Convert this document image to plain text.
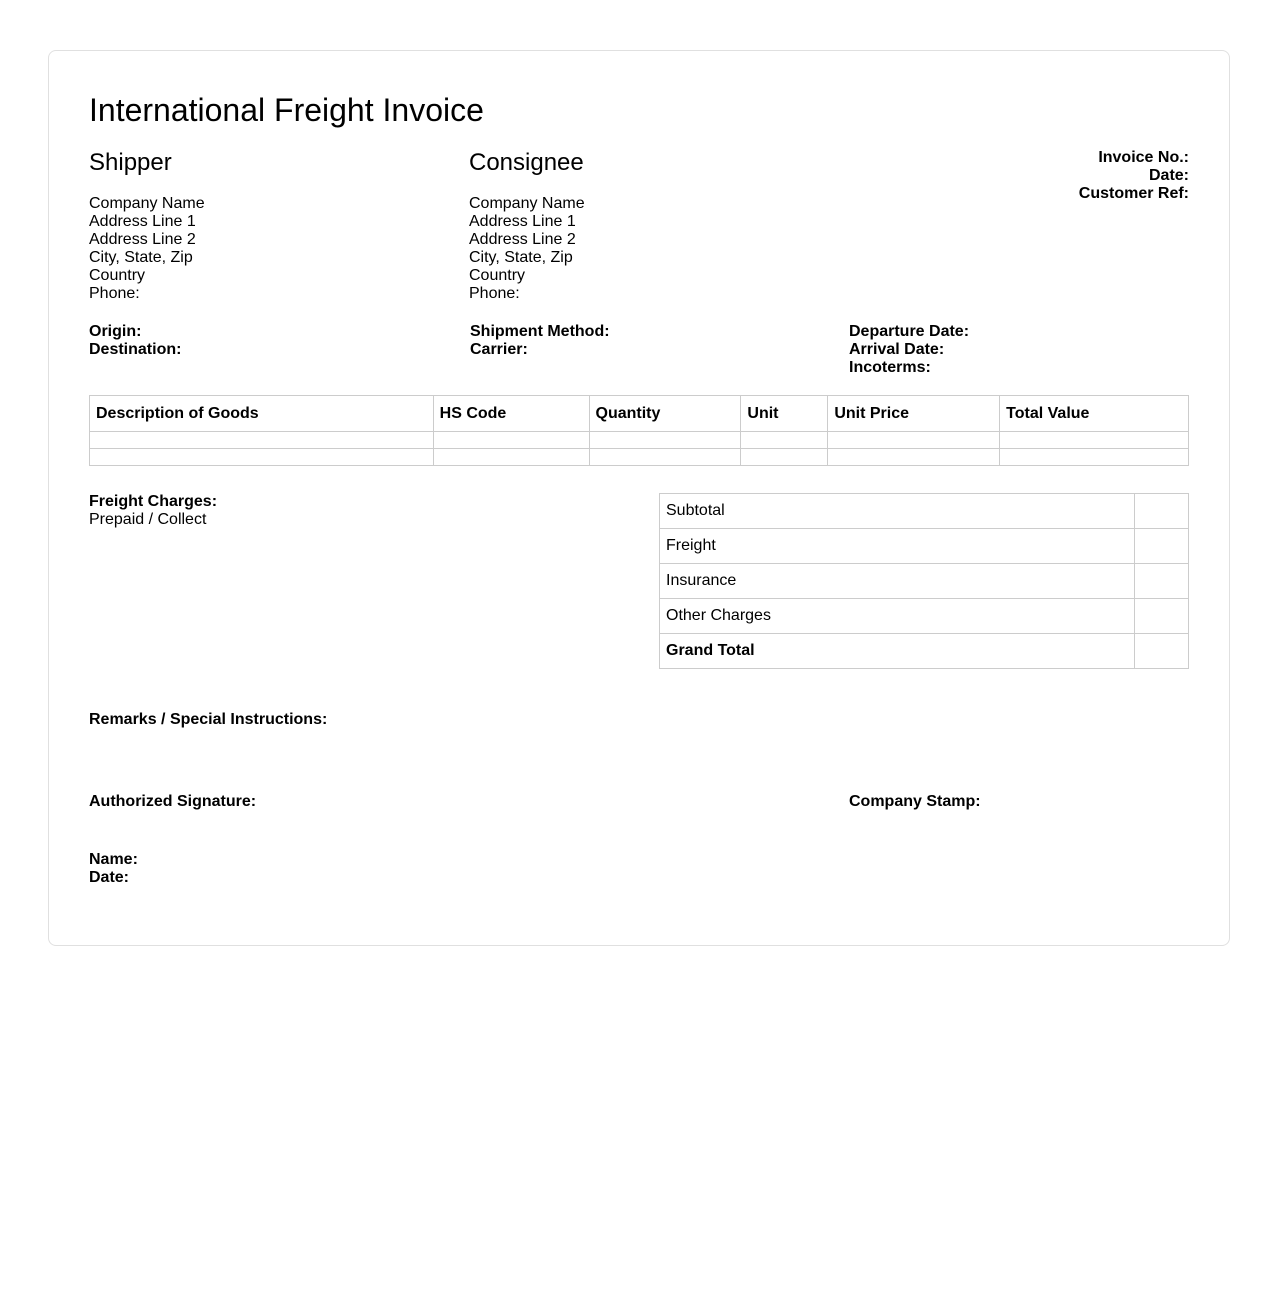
International Freight Invoice
Shipper
Company Name
Address Line 1
Address Line 2
City, State, Zip
Country
Phone:
Consignee
Company Name
Address Line 1
Address Line 2
City, State, Zip
Country
Phone:
Invoice No.:
Date:
Customer Ref:
Origin:
Destination:
Shipment Method:
Carrier:
Departure Date:
Arrival Date:
Incoterms:
Description of Goods	HS Code	Quantity	Unit	Unit Price	Total Value

Freight Charges:
Prepaid / Collect
Subtotal	
Freight	
Insurance	
Other Charges	
Grand Total	
Remarks / Special Instructions:
Authorized Signature:	Company Stamp:
Name:
Date:
